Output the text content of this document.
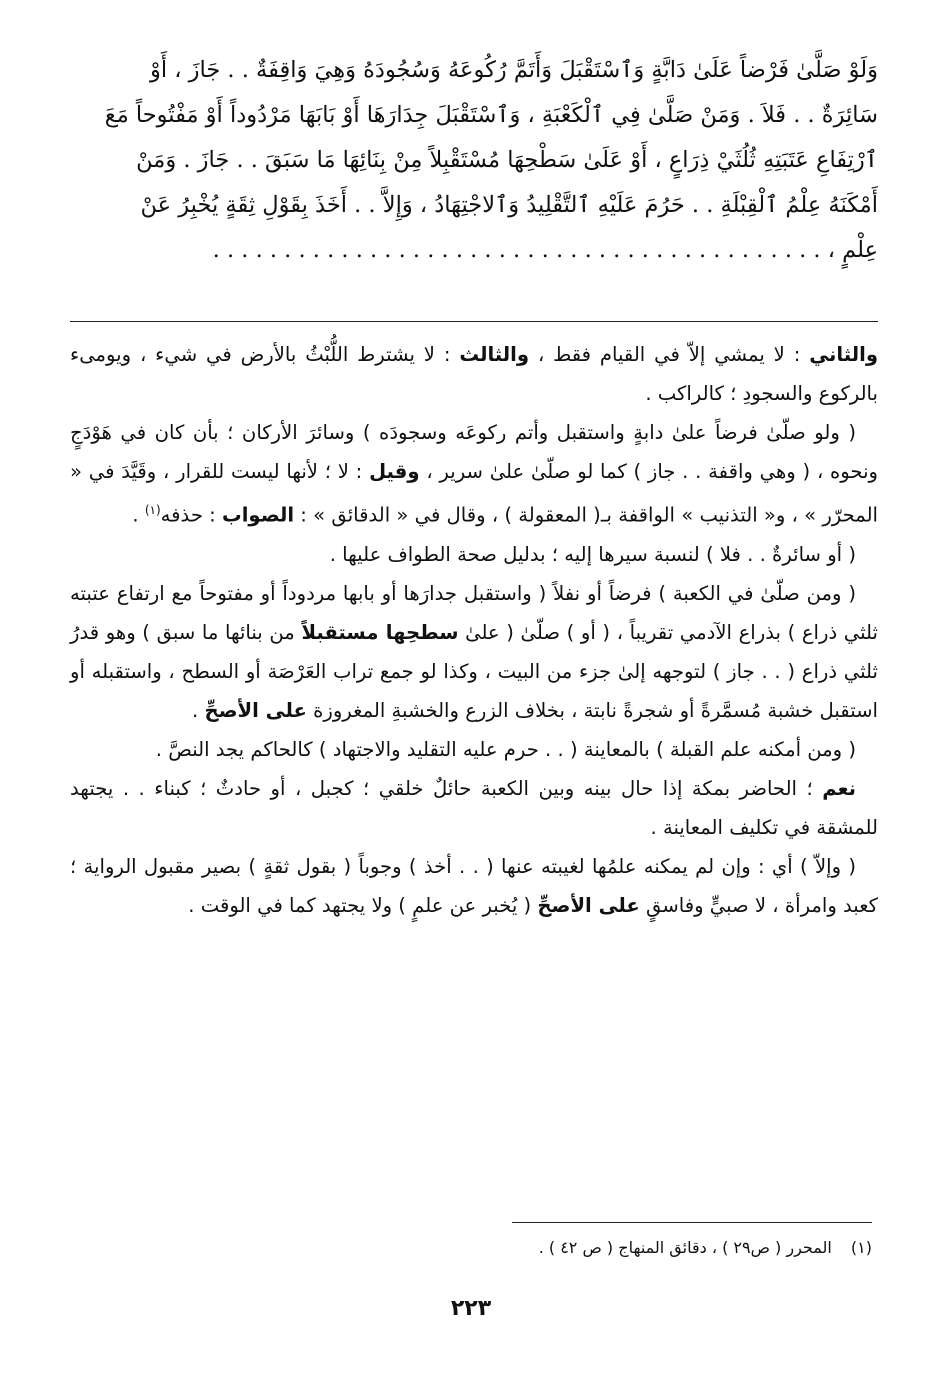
وَلَوْ صَلَّىٰ فَرْضاً عَلَىٰ دَابَّةٍ وَٱسْتَقْبَلَ وَأَتَمَّ رُكُوعَهُ وَسُجُودَهُ وَهِيَ وَاقِفَةٌ . . جَازَ ، أَوْ

سَائِرَةٌ . . فَلاَ . وَمَنْ صَلَّىٰ فِي ٱلْكَعْبَةِ ، وَٱسْتَقْبَلَ جِدَارَهَا أَوْ بَابَهَا مَرْدُوداً أَوْ مَفْتُوحاً مَعَ

ٱرْتِفَاعِ عَتَبَتِهِ ثُلُثَيْ ذِرَاعٍ ، أَوْ عَلَىٰ سَطْحِهَا مُسْتَقْبِلاً مِنْ بِنَائِهَا مَا سَبَقَ . . جَازَ . وَمَنْ

أَمْكَنَهُ عِلْمُ ٱلْقِبْلَةِ . . حَرُمَ عَلَيْهِ ٱلتَّقْلِيدُ وَٱلاجْتِهَادُ ، وَإِلاَّ . . أَخَذَ بِقَوْلِ ثِقَةٍ يُخْبِرُ عَنْ

عِلْمٍ ، . . . . . . . . . . . . . . . . . . . . . . . . . . . . . . . . . . . . . . . . . . .

والثاني : لا يمشي إلاّ في القيام فقط ، والثالث : لا يشترط اللُّبْثُ بالأرض في شيء ، ويومىء بالركوع والسجودِ ؛ كالراكب .

( ولو صلّىٰ فرضاً علىٰ دابةٍ واستقبل وأتم ركوعَه وسجودَه ) وسائرَ الأركان ؛ بأن كان في هَوْدَجٍ ونحوه ، ( وهي واقفة . . جاز ) كما لو صلّىٰ علىٰ سرير ، وقيل : لا ؛ لأنها ليست للقرار ، وقَيَّدَ في « المحرّر » ، و« التذنيب » الواقفة بـ( المعقولة ) ، وقال في « الدقائق » : الصواب : حذفه$^{(١)}$ .

( أو سائرةٌ . . فلا ) لنسبة سيرها إليه ؛ بدليل صحة الطواف عليها .

( ومن صلّىٰ في الكعبة ) فرضاً أو نفلاً ( واستقبل جدارَها أو بابها مردوداً أو مفتوحاً مع ارتفاع عتبته ثلثي ذراع ) بذراع الآدمي تقريباً ، ( أو ) صلّىٰ ( علىٰ سطحِها مستقبلاً من بنائها ما سبق ) وهو قدرُ ثلثي ذراع ( . . جاز ) لتوجهه إلىٰ جزء من البيت ، وكذا لو جمع تراب العَرْصَة أو السطح ، واستقبله أو استقبل خشبة مُسمَّرةً أو شجرةً نابتة ، بخلاف الزرع والخشبةِ المغروزة على الأصحِّ .

( ومن أمكنه علم القبلة ) بالمعاينة ( . . حرم عليه التقليد والاجتهاد ) كالحاكم يجد النصَّ .

نعم ؛ الحاضر بمكة إذا حال بينه وبين الكعبة حائلٌ خلقي ؛ كجبل ، أو حادثٌ ؛ كبناء . . يجتهد للمشقة في تكليف المعاينة .

( وإلاّ ) أي : وإن لم يمكنه علمُها لغيبته عنها ( . . أخذ ) وجوباً ( بقول ثقةٍ ) بصير مقبول الرواية ؛ كعبد وامرأة ، لا صبيٍّ وفاسقٍ على الأصحِّ ( يُخبر عن علمٍ ) ولا يجتهد كما في الوقت .

(١) المحرر ( ص٢٩ ) ، دقائق المنهاج ( ص ٤٢ ) .
٢٢٣
